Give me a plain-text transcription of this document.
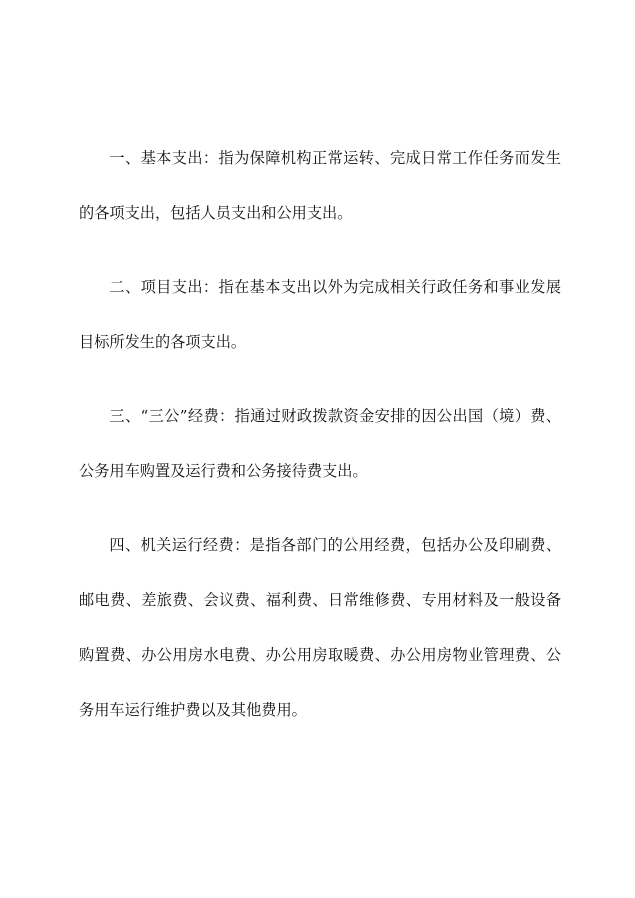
一、基本支出：指为保障机构正常运转、完成日常工作任务而发生的各项支出，包括人员支出和公用支出。

二、项目支出：指在基本支出以外为完成相关行政任务和事业发展目标所发生的各项支出。

三、“三公”经费：指通过财政拨款资金安排的因公出国（境）费、公务用车购置及运行费和公务接待费支出。

四、机关运行经费：是指各部门的公用经费，包括办公及印刷费、邮电费、差旅费、会议费、福利费、日常维修费、专用材料及一般设备购置费、办公用房水电费、办公用房取暖费、办公用房物业管理费、公务用车运行维护费以及其他费用。
